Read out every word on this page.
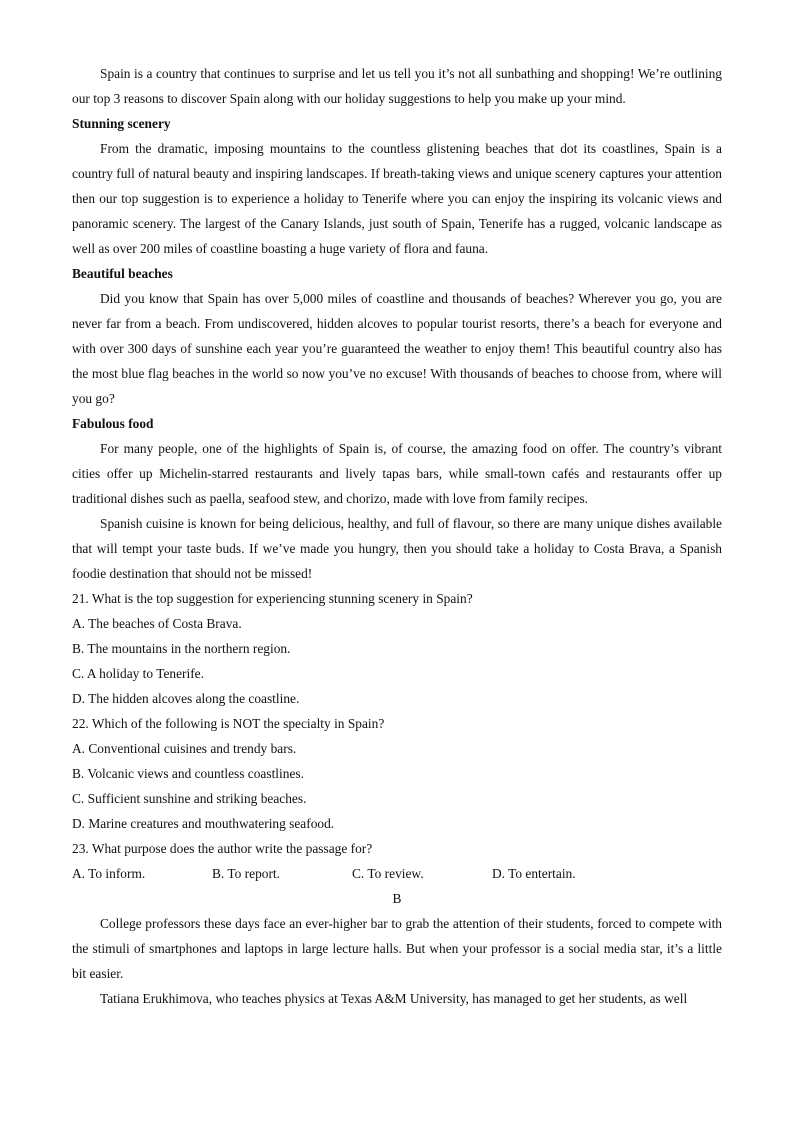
Spain is a country that continues to surprise and let us tell you it’s not all sunbathing and shopping! We’re outlining our top 3 reasons to discover Spain along with our holiday suggestions to help you make up your mind.

Stunning scenery

From the dramatic, imposing mountains to the countless glistening beaches that dot its coastlines, Spain is a country full of natural beauty and inspiring landscapes. If breath-taking views and unique scenery captures your attention then our top suggestion is to experience a holiday to Tenerife where you can enjoy the inspiring its volcanic views and panoramic scenery. The largest of the Canary Islands, just south of Spain, Tenerife has a rugged, volcanic landscape as well as over 200 miles of coastline boasting a huge variety of flora and fauna.

Beautiful beaches

Did you know that Spain has over 5,000 miles of coastline and thousands of beaches? Wherever you go, you are never far from a beach. From undiscovered, hidden alcoves to popular tourist resorts, there’s a beach for everyone and with over 300 days of sunshine each year you’re guaranteed the weather to enjoy them! This beautiful country also has the most blue flag beaches in the world so now you’ve no excuse! With thousands of beaches to choose from, where will you go?

Fabulous food

For many people, one of the highlights of Spain is, of course, the amazing food on offer. The country’s vibrant cities offer up Michelin-starred restaurants and lively tapas bars, while small-town cafés and restaurants offer up traditional dishes such as paella, seafood stew, and chorizo, made with love from family recipes.

Spanish cuisine is known for being delicious, healthy, and full of flavour, so there are many unique dishes available that will tempt your taste buds. If we’ve made you hungry, then you should take a holiday to Costa Brava, a Spanish foodie destination that should not be missed!

21. What is the top suggestion for experiencing stunning scenery in Spain?
A. The beaches of Costa Brava.
B. The mountains in the northern region.
C. A holiday to Tenerife.
D. The hidden alcoves along the coastline.
22. Which of the following is NOT the specialty in Spain?
A. Conventional cuisines and trendy bars.
B. Volcanic views and countless coastlines.
C. Sufficient sunshine and striking beaches.
D. Marine creatures and mouthwatering seafood.
23. What purpose does the author write the passage for?
A. To inform.	B. To report.	C. To review.	D. To entertain.
B

College professors these days face an ever-higher bar to grab the attention of their students, forced to compete with the stimuli of smartphones and laptops in large lecture halls. But when your professor is a social media star, it’s a little bit easier.

Tatiana Erukhimova, who teaches physics at Texas A&M University, has managed to get her students, as well
